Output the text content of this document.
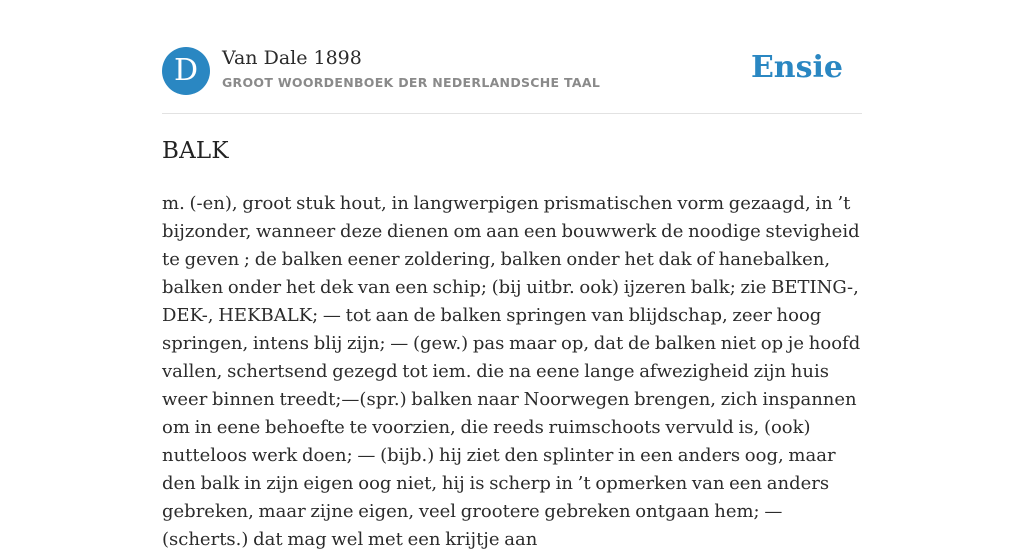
D	Van Dale 1898
GROOT WOORDENBOEK DER NEDERLANDSCHE TAAL	Ensie
BALK

m. (-en), groot stuk hout, in langwerpigen prismatischen vorm gezaagd, in ’t bijzonder, wanneer deze dienen om aan een bouwwerk de noodige stevigheid te geven ; de balken eener zoldering, balken onder het dak of hanebalken, balken onder het dek van een schip; (bij uitbr. ook) ijzeren balk; zie BETING-, DEK-, HEKBALK; — tot aan de balken springen van blijdschap, zeer hoog springen, intens blij zijn; — (gew.) pas maar op, dat de balken niet op je hoofd vallen, schertsend gezegd tot iem. die na eene lange afwezigheid zijn huis weer binnen treedt;—(spr.) balken naar Noorwegen brengen, zich inspannen om in eene behoefte te voorzien, die reeds ruimschoots vervuld is, (ook) nutteloos werk doen; — (bijb.) hij ziet den splinter in een anders oog, maar den balk in zijn eigen oog niet, hij is scherp in ’t opmerken van een anders gebreken, maar zijne eigen, veel grootere gebreken ontgaan hem; — (scherts.) dat mag wel met een krijtje aan
